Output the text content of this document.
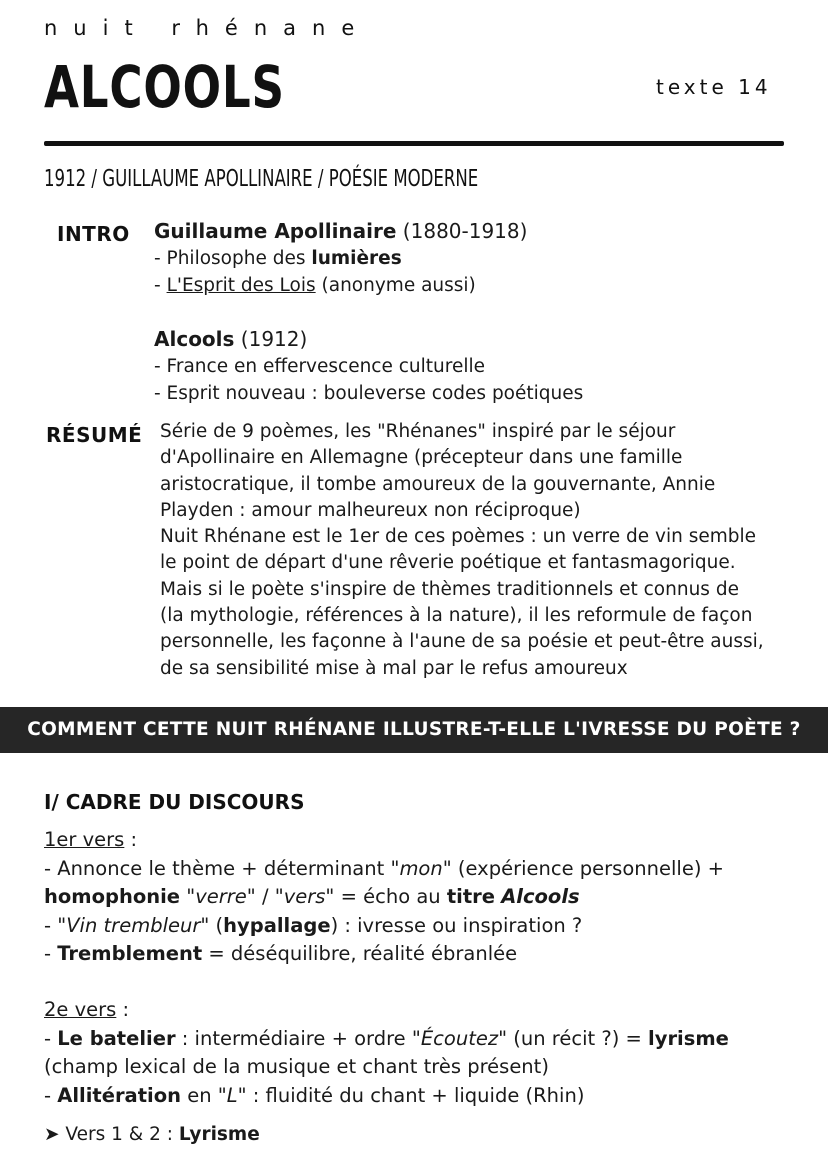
nuit rhénane
ALCOOLS	texte 14
1912 / GUILLAUME APOLLINAIRE / POÉSIE MODERNE
INTRO Guillaume Apollinaire (1880-1918)
- Philosophe des lumières
- L'Esprit des Lois (anonyme aussi)
Alcools (1912)
- France en effervescence culturelle
- Esprit nouveau : bouleverse codes poétiques
RÉSUMÉ Série de 9 poèmes, les "Rhénanes" inspiré par le séjour
d'Apollinaire en Allemagne (précepteur dans une famille
aristocratique, il tombe amoureux de la gouvernante, Annie
Playden : amour malheureux non réciproque)
Nuit Rhénane est le 1er de ces poèmes : un verre de vin semble
le point de départ d'une rêverie poétique et fantasmagorique.
Mais si le poète s'inspire de thèmes traditionnels et connus de
(la mythologie, références à la nature), il les reformule de façon
personnelle, les façonne à l'aune de sa poésie et peut-être aussi,
de sa sensibilité mise à mal par le refus amoureux
COMMENT CETTE NUIT RHÉNANE ILLUSTRE-T-ELLE L'IVRESSE DU POÈTE ?
I/ CADRE DU DISCOURS
1er vers :
- Annonce le thème + déterminant "mon" (expérience personnelle) +
homophonie "verre" / "vers" = écho au titre Alcools
- "Vin trembleur" (hypallage) : ivresse ou inspiration ?
- Tremblement = déséquilibre, réalité ébranlée
2e vers :
- Le batelier : intermédiaire + ordre "Écoutez" (un récit ?) = lyrisme
(champ lexical de la musique et chant très présent)
- Allitération en "L" : fluidité du chant + liquide (Rhin)
➤ Vers 1 & 2 : Lyrisme
